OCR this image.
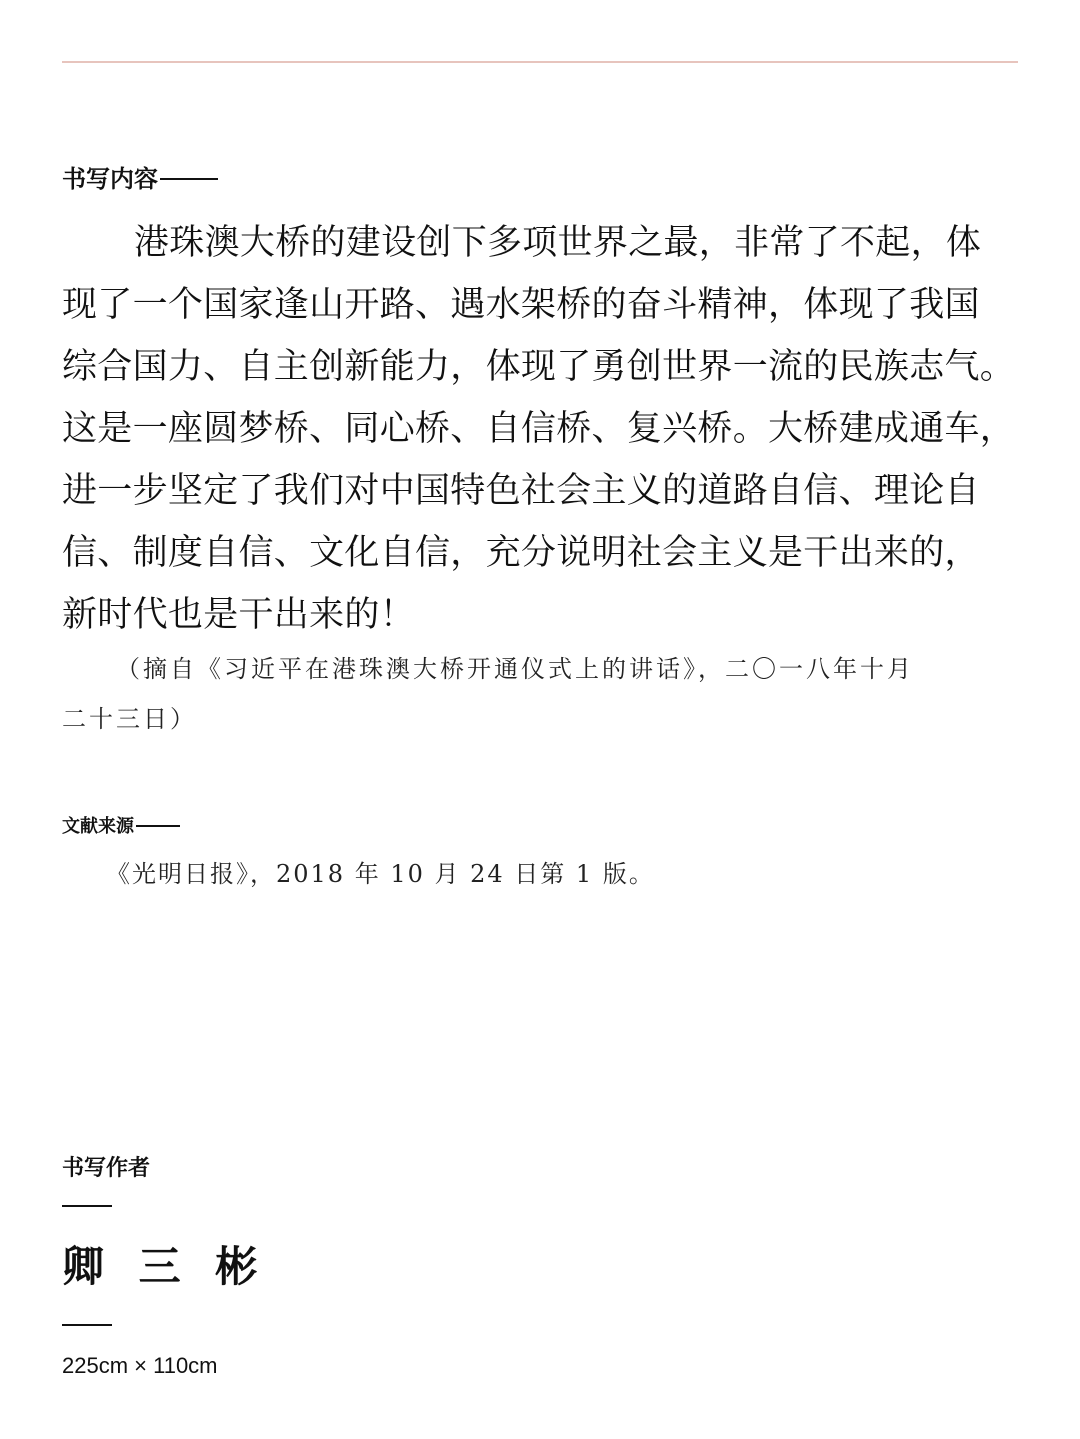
书写内容
港珠澳大桥的建设创下多项世界之最，非常了不起，体
现了一个国家逢山开路、遇水架桥的奋斗精神，体现了我国
综合国力、自主创新能力，体现了勇创世界一流的民族志气。
这是一座圆梦桥、同心桥、自信桥、复兴桥。大桥建成通车，
进一步坚定了我们对中国特色社会主义的道路自信、理论自
信、制度自信、文化自信，充分说明社会主义是干出来的，
新时代也是干出来的！
（摘自《习近平在港珠澳大桥开通仪式上的讲话》，二〇一八年十月
二十三日）
文献来源
《光明日报》，2018 年 10 月 24 日第 1 版。
书写作者
卿 三 彬
225cm × 110cm
